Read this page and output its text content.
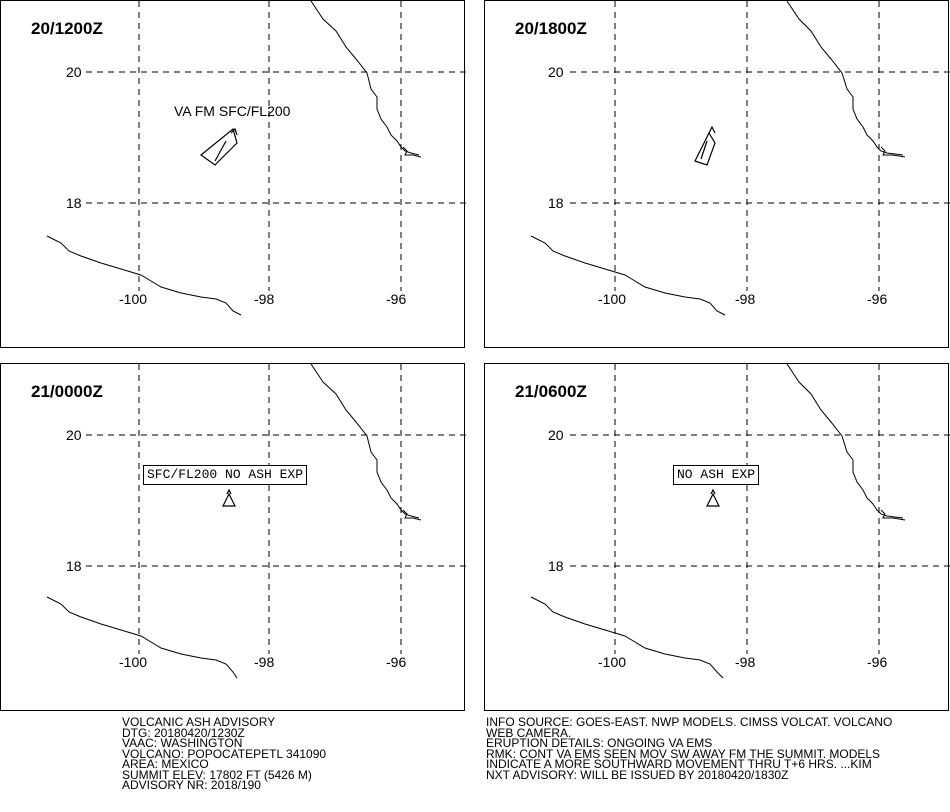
20/1200Z
20
18
-100	-98	-96
VA FM SFC/FL200
20/1800Z
20
18
-100	-98	-96
21/0000Z
20
18
-100	-98	-96
SFC/FL200 NO ASH EXP
21/0600Z
20
18
-100	-98	-96
NO ASH EXP
VOLCANIC ASH ADVISORY
DTG: 20180420/1230Z
VAAC: WASHINGTON
VOLCANO: POPOCATEPETL 341090
AREA: MEXICO
SUMMIT ELEV: 17802 FT (5426 M)
ADVISORY NR: 2018/190
INFO SOURCE: GOES-EAST. NWP MODELS. CIMSS VOLCAT. VOLCANO
WEB CAMERA.
ERUPTION DETAILS: ONGOING VA EMS
RMK: CONT VA EMS SEEN MOV SW AWAY FM THE SUMMIT. MODELS
INDICATE A MORE SOUTHWARD MOVEMENT THRU T+6 HRS. ...KIM
NXT ADVISORY: WILL BE ISSUED BY 20180420/1830Z
